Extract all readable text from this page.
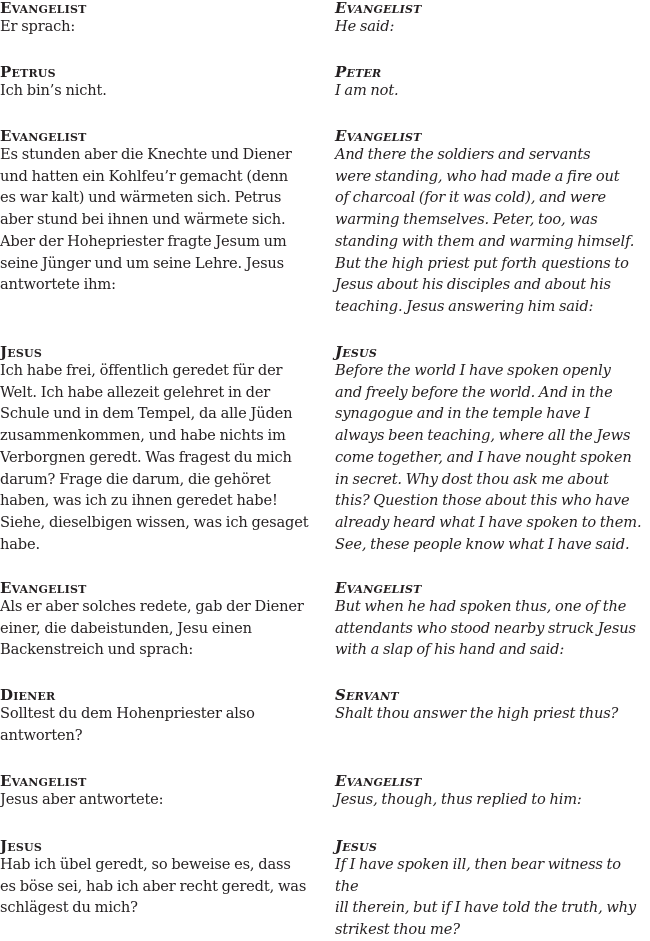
Evangelist
Er sprach:
Petrus
Ich bin’s nicht.
Evangelist
Es stunden aber die Knechte und Diener
und hatten ein Kohlfeu’r gemacht (denn
es war kalt) und wärmeten sich. Petrus
aber stund bei ihnen und wärmete sich.
Aber der Hohepriester fragte Jesum um
seine Jünger und um seine Lehre. Jesus
antwortete ihm:
Jesus
Ich habe frei, öffentlich geredet für der
Welt. Ich habe allezeit gelehret in der
Schule und in dem Tempel, da alle Jüden
zusammenkommen, und habe nichts im
Verborgnen geredt. Was fragest du mich
darum? Frage die darum, die gehöret
haben, was ich zu ihnen geredet habe!
Siehe, dieselbigen wissen, was ich gesaget
habe.
Evangelist
Als er aber solches redete, gab der Diener
einer, die dabeistunden, Jesu einen
Backenstreich und sprach:
Diener
Solltest du dem Hohenpriester also
antworten?
Evangelist
Jesus aber antwortete:
Jesus
Hab ich übel geredt, so beweise es, dass
es böse sei, hab ich aber recht geredt, was
schlägest du mich?
Evangelist
He said:
Peter
I am not.
Evangelist
And there the soldiers and servants
were standing, who had made a fire out
of charcoal (for it was cold), and were
warming themselves. Peter, too, was
standing with them and warming himself.
But the high priest put forth questions to
Jesus about his disciples and about his
teaching. Jesus answering him said:
Jesus
Before the world I have spoken openly
and freely before the world. And in the
synagogue and in the temple have I
always been teaching, where all the Jews
come together, and I have nought spoken
in secret. Why dost thou ask me about
this? Question those about this who have
already heard what I have spoken to them.
See, these people know what I have said.
Evangelist
But when he had spoken thus, one of the
attendants who stood nearby struck Jesus
with a slap of his hand and said:
Servant
Shalt thou answer the high priest thus?
Evangelist
Jesus, though, thus replied to him:
Jesus
If I have spoken ill, then bear witness to the
ill therein, but if I have told the truth, why
strikest thou me?
